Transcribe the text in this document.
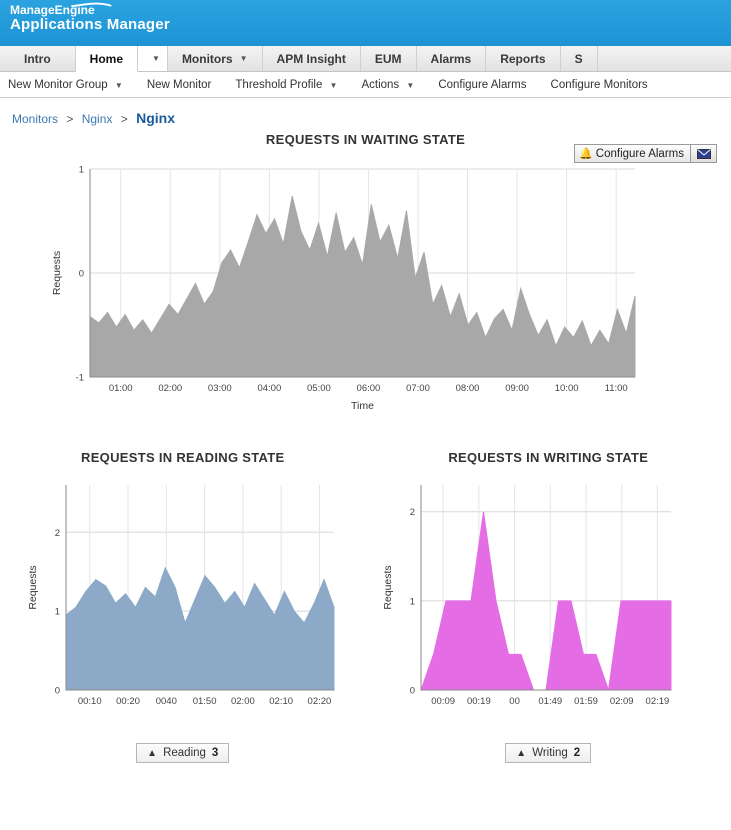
ManageEngine
Applications Manager
Intro	Home	▼ Monitors ▼ APM Insight EUM Alarms Reports S
New Monitor Group ▼	New Monitor	Threshold Profile ▼	Actions ▼	Configure Alarms	Configure Monitors
Monitors > Nginx > Nginx
REQUESTS IN WAITING STATE
🔔 Configure Alarms
-1
0
1
01:00	02:00	03:00	04:00	05:00	06:00	07:00	08:00	09:00	10:00	11:00
Requests
Time
REQUESTS IN READING STATE
0
1
2
00:10 00:20 0040 01:50 02:00 02:10 02:20
Requests
▲ Reading 3
REQUESTS IN WRITING STATE
0
1
2
00:09 00:19 00 01:49 01:59 02:09 02:19
Requests
▲ Writing 2
